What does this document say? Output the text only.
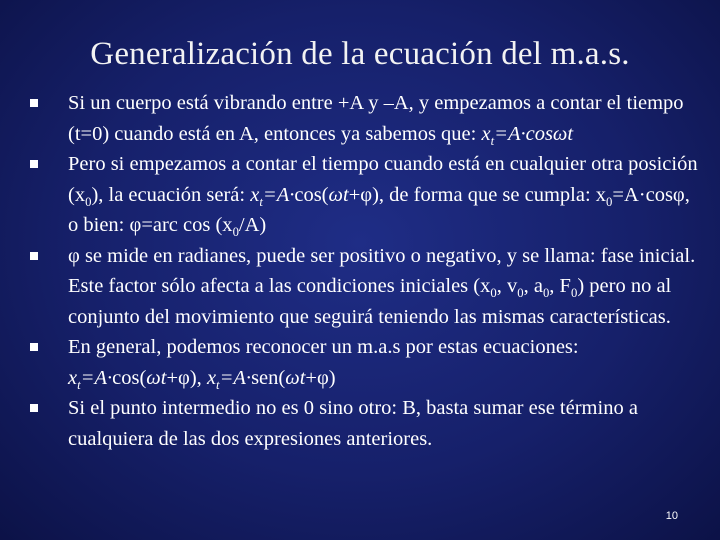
Generalización de la ecuación del m.a.s.
Si un cuerpo está vibrando entre +A y –A, y empezamos a contar el tiempo (t=0) cuando está en A, entonces ya sabemos que: $x_t=A\cdot\cos\omega t$
Pero si empezamos a contar el tiempo cuando está en cualquier otra posición $(x_0)$, la ecuación será: $x_t=A\cdot\cos(\omega t+\varphi)$, de forma que se cumpla: $x_0=A\cdot\cos\varphi$, o bien: φ=arc $\cos (x_0/A)$
φ se mide en radianes, puede ser positivo o negativo, y se llama: fase inicial. Este factor sólo afecta a las condiciones iniciales ($x_0$, $v_0$, $a_0$, $F_0$) pero no al conjunto del movimiento que seguirá teniendo las mismas características.
En general, podemos reconocer un m.a.s por estas ecuaciones: $x_t=A\cdot\cos(\omega t+\varphi)$, $x_t=A\cdot sen(\omega t+\varphi)$
Si el punto intermedio no es 0 sino otro: B, basta sumar ese término a cualquiera de las dos expresiones anteriores.
10
